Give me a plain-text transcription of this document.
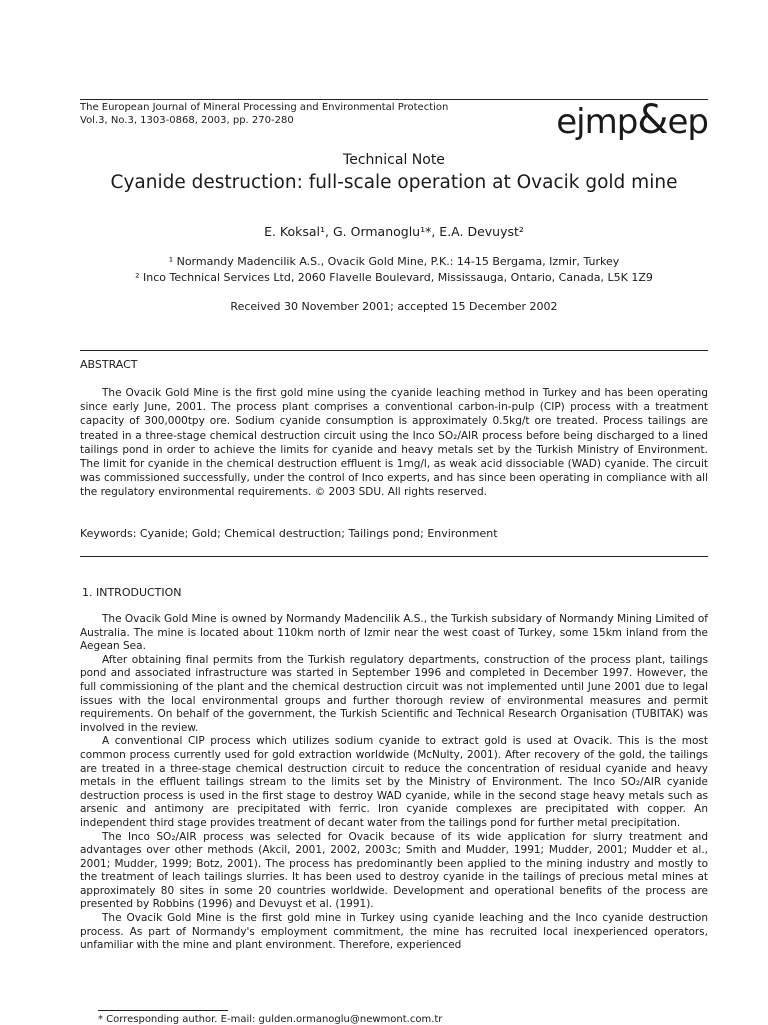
The European Journal of Mineral Processing and Environmental Protection
Vol.3, No.3, 1303-0868, 2003, pp. 270-280	ejmp&ep
Technical Note
Cyanide destruction: full-scale operation at Ovacik gold mine
E. Koksal¹, G. Ormanoglu¹*, E.A. Devuyst²
¹ Normandy Madencilik A.S., Ovacik Gold Mine, P.K.: 14-15 Bergama, Izmir, Turkey
² Inco Technical Services Ltd, 2060 Flavelle Boulevard, Mississauga, Ontario, Canada, L5K 1Z9
Received 30 November 2001; accepted 15 December 2002
ABSTRACT

The Ovacik Gold Mine is the first gold mine using the cyanide leaching method in Turkey and has been operating since early June, 2001. The process plant comprises a conventional carbon-in-pulp (CIP) process with a treatment capacity of 300,000tpy ore. Sodium cyanide consumption is approximately 0.5kg/t ore treated. Process tailings are treated in a three-stage chemical destruction circuit using the Inco SO₂/AIR process before being discharged to a lined tailings pond in order to achieve the limits for cyanide and heavy metals set by the Turkish Ministry of Environment. The limit for cyanide in the chemical destruction effluent is 1mg/l, as weak acid dissociable (WAD) cyanide. The circuit was commissioned successfully, under the control of Inco experts, and has since been operating in compliance with all the regulatory environmental requirements. © 2003 SDU. All rights reserved.

Keywords: Cyanide; Gold; Chemical destruction; Tailings pond; Environment
1. INTRODUCTION

The Ovacik Gold Mine is owned by Normandy Madencilik A.S., the Turkish subsidary of Normandy Mining Limited of Australia. The mine is located about 110km north of Izmir near the west coast of Turkey, some 15km inland from the Aegean Sea.

After obtaining final permits from the Turkish regulatory departments, construction of the process plant, tailings pond and associated infrastructure was started in September 1996 and completed in December 1997. However, the full commissioning of the plant and the chemical destruction circuit was not implemented until June 2001 due to legal issues with the local environmental groups and further thorough review of environmental measures and permit requirements. On behalf of the government, the Turkish Scientific and Technical Research Organisation (TUBITAK) was involved in the review.

A conventional CIP process which utilizes sodium cyanide to extract gold is used at Ovacik. This is the most common process currently used for gold extraction worldwide (McNulty, 2001). After recovery of the gold, the tailings are treated in a three-stage chemical destruction circuit to reduce the concentration of residual cyanide and heavy metals in the effluent tailings stream to the limits set by the Ministry of Environment. The Inco SO₂/AIR cyanide destruction process is used in the first stage to destroy WAD cyanide, while in the second stage heavy metals such as arsenic and antimony are precipitated with ferric. Iron cyanide complexes are precipitated with copper. An independent third stage provides treatment of decant water from the tailings pond for further metal precipitation.

The Inco SO₂/AIR process was selected for Ovacik because of its wide application for slurry treatment and advantages over other methods (Akcil, 2001, 2002, 2003c; Smith and Mudder, 1991; Mudder, 2001; Mudder et al., 2001; Mudder, 1999; Botz, 2001). The process has predominantly been applied to the mining industry and mostly to the treatment of leach tailings slurries. It has been used to destroy cyanide in the tailings of precious metal mines at approximately 80 sites in some 20 countries worldwide. Development and operational benefits of the process are presented by Robbins (1996) and Devuyst et al. (1991).

The Ovacik Gold Mine is the first gold mine in Turkey using cyanide leaching and the Inco cyanide destruction process. As part of Normandy's employment commitment, the mine has recruited local inexperienced operators, unfamiliar with the mine and plant environment. Therefore, experienced

* Corresponding author. E-mail: gulden.ormanoglu@newmont.com.tr
